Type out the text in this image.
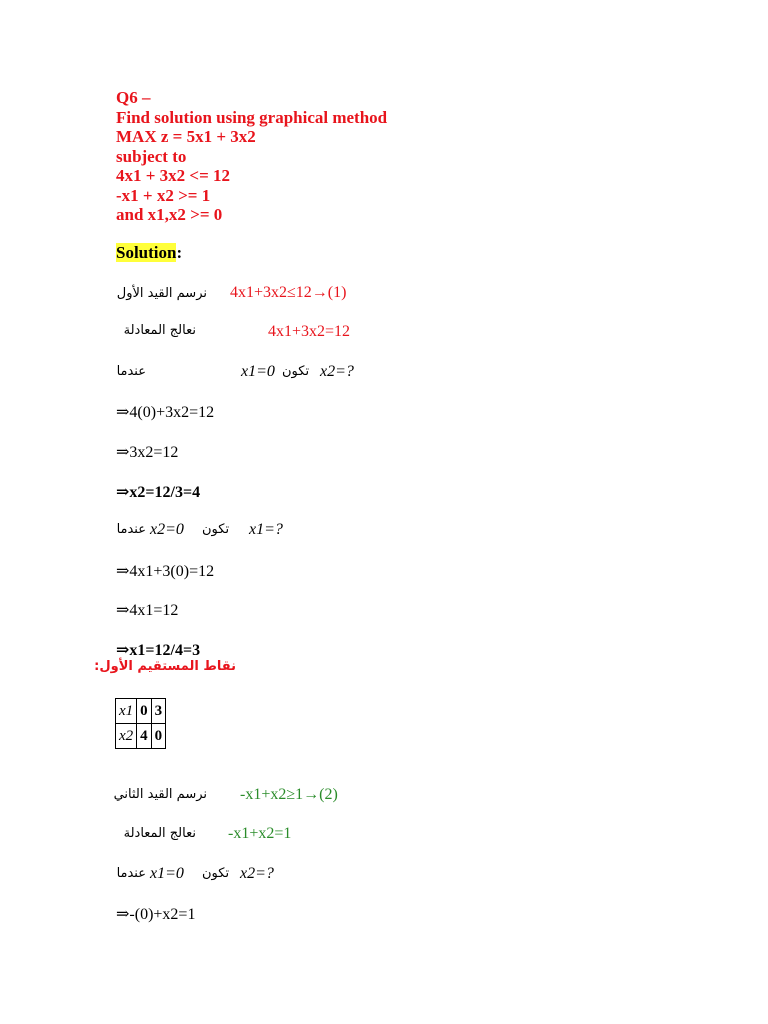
Q6 –
Find solution using graphical method
MAX z = 5x1 + 3x2
subject to
4x1 + 3x2 <= 12
-x1 + x2 >= 1
and x1,x2 >= 0
Solution:
نرسم القيد الأول 4x1+3x2≤12→(1)
نعالج المعادلة	4x1+3x2=12
عندما	x1=0 تكون x2=?
⇒4(0)+3x2=12
⇒3x2=12
⇒x2=12/3=4
عندما x2=0 تكون x1=?
⇒4x1+3(0)=12
⇒4x1=12
⇒x1=12/4=3
نقاط المستقيم الأول:
x1	0	3
x2	4	0
نرسم القيد الثاني -x1+x2≥1→(2)
نعالج المعادلة -x1+x2=1
عندما x1=0 تكون x2=?
⇒-(0)+x2=1
